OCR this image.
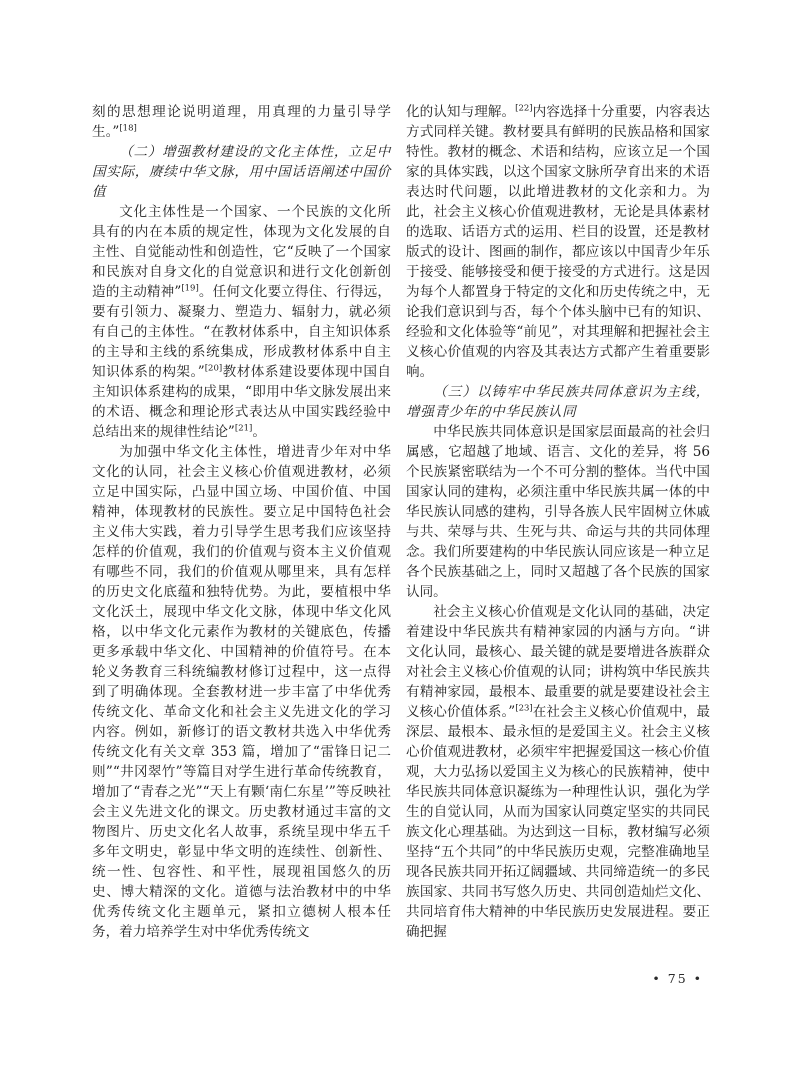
刻的思想理论说明道理，用真理的力量引导学生。”[18]

（二）增强教材建设的文化主体性，立足中国实际，赓续中华文脉，用中国话语阐述中国价值

文化主体性是一个国家、一个民族的文化所具有的内在本质的规定性，体现为文化发展的自主性、自觉能动性和创造性，它“反映了一个国家和民族对自身文化的自觉意识和进行文化创新创造的主动精神”[19]。任何文化要立得住、行得远，要有引领力、凝聚力、塑造力、辐射力，就必须有自己的主体性。“在教材体系中，自主知识体系的主导和主线的系统集成，形成教材体系中自主知识体系的构架。”[20]教材体系建设要体现中国自主知识体系建构的成果，“即用中华文脉发展出来的术语、概念和理论形式表达从中国实践经验中总结出来的规律性结论”[21]。

为加强中华文化主体性，增进青少年对中华文化的认同，社会主义核心价值观进教材，必须立足中国实际，凸显中国立场、中国价值、中国精神，体现教材的民族性。要立足中国特色社会主义伟大实践，着力引导学生思考我们应该坚持怎样的价值观，我们的价值观与资本主义价值观有哪些不同，我们的价值观从哪里来，具有怎样的历史文化底蕴和独特优势。为此，要植根中华文化沃土，展现中华文化文脉，体现中华文化风格，以中华文化元素作为教材的关键底色，传播更多承载中华文化、中国精神的价值符号。在本轮义务教育三科统编教材修订过程中，这一点得到了明确体现。全套教材进一步丰富了中华优秀传统文化、革命文化和社会主义先进文化的学习内容。例如，新修订的语文教材共选入中华优秀传统文化有关文章 353 篇，增加了“雷锋日记二则”“井冈翠竹”等篇目对学生进行革命传统教育，增加了“青春之光”“天上有颗‘南仁东星’”等反映社会主义先进文化的课文。历史教材通过丰富的文物图片、历史文化名人故事，系统呈现中华五千多年文明史，彰显中华文明的连续性、创新性、统一性、包容性、和平性，展现祖国悠久的历史、博大精深的文化。道德与法治教材中的中华优秀传统文化主题单元，紧扣立德树人根本任务，着力培养学生对中华优秀传统文

化的认知与理解。[22]内容选择十分重要，内容表达方式同样关键。教材要具有鲜明的民族品格和国家特性。教材的概念、术语和结构，应该立足一个国家的具体实践，以这个国家文脉所孕育出来的术语表达时代问题，以此增进教材的文化亲和力。为此，社会主义核心价值观进教材，无论是具体素材的选取、话语方式的运用、栏目的设置，还是教材版式的设计、图画的制作，都应该以中国青少年乐于接受、能够接受和便于接受的方式进行。这是因为每个人都置身于特定的文化和历史传统之中，无论我们意识到与否，每个个体头脑中已有的知识、经验和文化体验等“前见”，对其理解和把握社会主义核心价值观的内容及其表达方式都产生着重要影响。

（三）以铸牢中华民族共同体意识为主线，增强青少年的中华民族认同

中华民族共同体意识是国家层面最高的社会归属感，它超越了地域、语言、文化的差异，将 56 个民族紧密联结为一个不可分割的整体。当代中国国家认同的建构，必须注重中华民族共属一体的中华民族认同感的建构，引导各族人民牢固树立休戚与共、荣辱与共、生死与共、命运与共的共同体理念。我们所要建构的中华民族认同应该是一种立足各个民族基础之上，同时又超越了各个民族的国家认同。

社会主义核心价值观是文化认同的基础，决定着建设中华民族共有精神家园的内涵与方向。“讲文化认同，最核心、最关键的就是要增进各族群众对社会主义核心价值观的认同；讲构筑中华民族共有精神家园，最根本、最重要的就是要建设社会主义核心价值体系。”[23]在社会主义核心价值观中，最深层、最根本、最永恒的是爱国主义。社会主义核心价值观进教材，必须牢牢把握爱国这一核心价值观，大力弘扬以爱国主义为核心的民族精神，使中华民族共同体意识凝练为一种理性认识，强化为学生的自觉认同，从而为国家认同奠定坚实的共同民族文化心理基础。为达到这一目标，教材编写必须坚持“五个共同”的中华民族历史观，完整准确地呈现各民族共同开拓辽阔疆域、共同缔造统一的多民族国家、共同书写悠久历史、共同创造灿烂文化、共同培育伟大精神的中华民族历史发展进程。要正确把握

• 75 •
